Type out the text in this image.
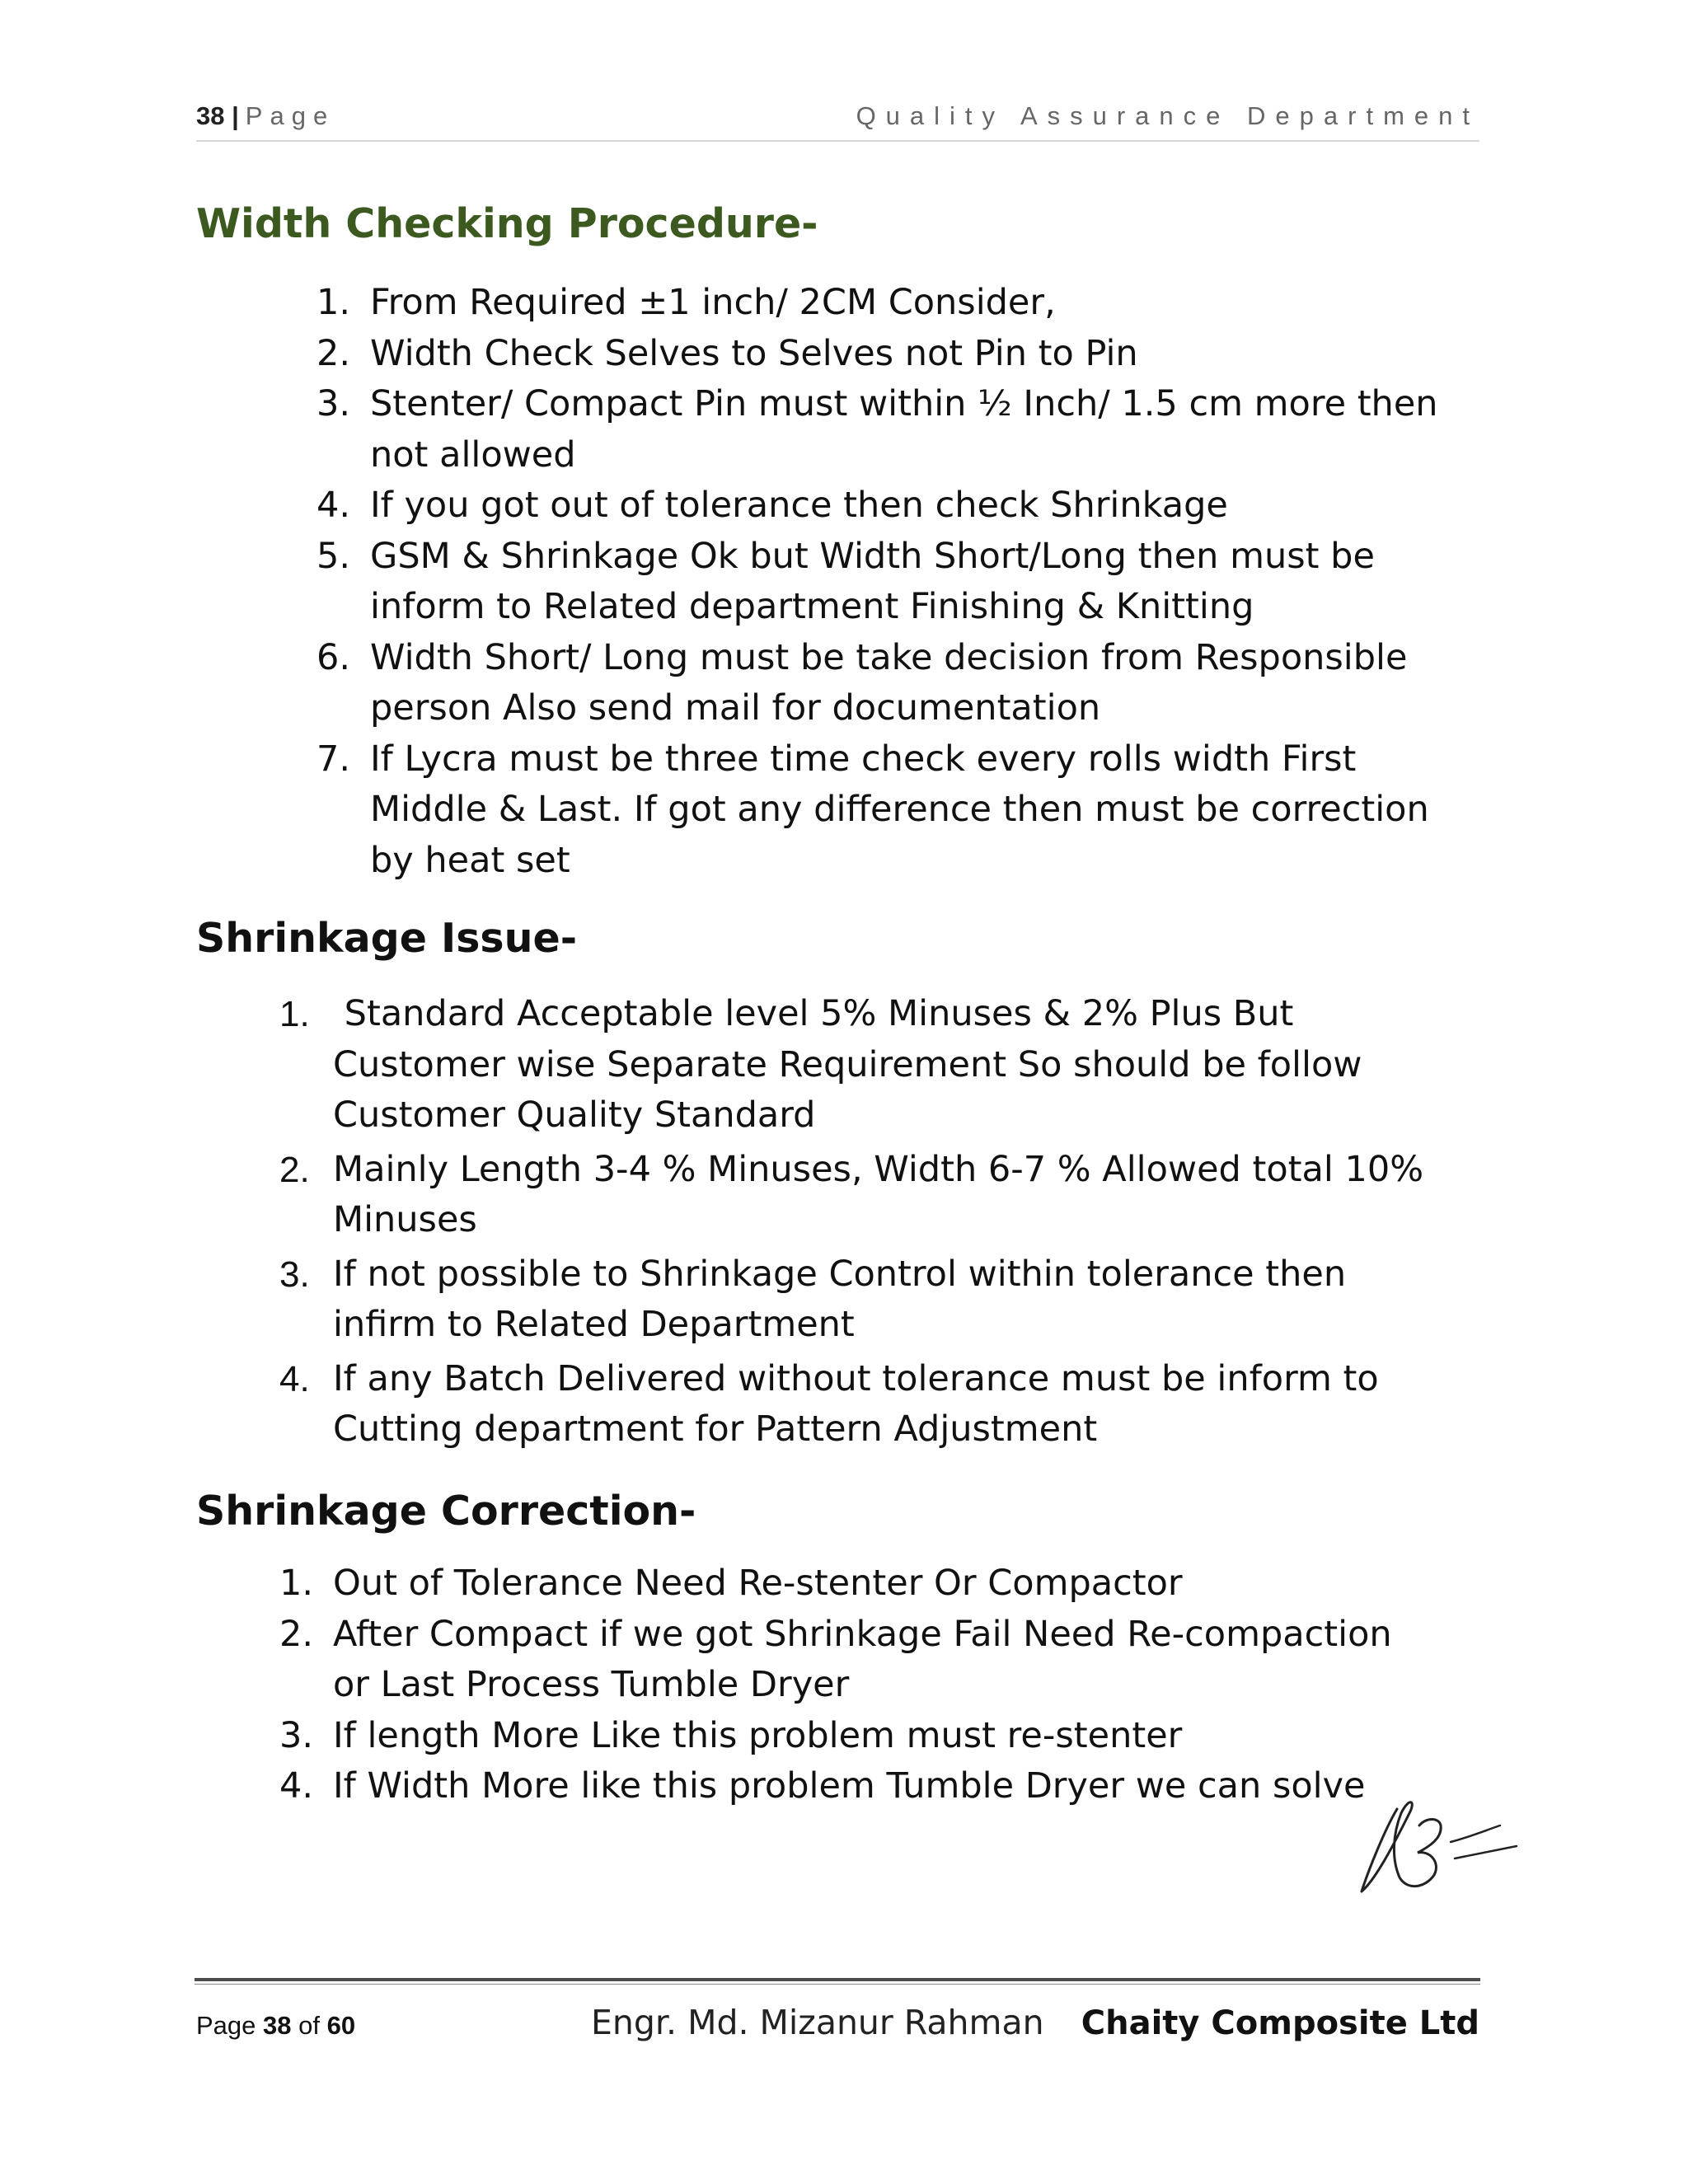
38 | Page	Quality Assurance Department
Width Checking Procedure-
1. From Required ±1 inch/ 2CM Consider,
2. Width Check Selves to Selves not Pin to Pin
3. Stenter/ Compact Pin must within ½ Inch/ 1.5 cm more then
not allowed
4. If you got out of tolerance then check Shrinkage
5. GSM & Shrinkage Ok but Width Short/Long then must be
inform to Related department Finishing & Knitting
6. Width Short/ Long must be take decision from Responsible
person Also send mail for documentation
7. If Lycra must be three time check every rolls width First
Middle & Last. If got any difference then must be correction
by heat set
Shrinkage Issue-
1. Standard Acceptable level 5% Minuses & 2% Plus But
Customer wise Separate Requirement So should be follow
Customer Quality Standard
2. Mainly Length 3-4 % Minuses, Width 6-7 % Allowed total 10%
Minuses
3. If not possible to Shrinkage Control within tolerance then
infirm to Related Department
4. If any Batch Delivered without tolerance must be inform to
Cutting department for Pattern Adjustment
Shrinkage Correction-
1. Out of Tolerance Need Re-stenter Or Compactor
2. After Compact if we got Shrinkage Fail Need Re-compaction
or Last Process Tumble Dryer
3. If length More Like this problem must re-stenter
4. If Width More like this problem Tumble Dryer we can solve
Page 38 of 60	Engr. Md. Mizanur Rahman Chaity Composite Ltd
